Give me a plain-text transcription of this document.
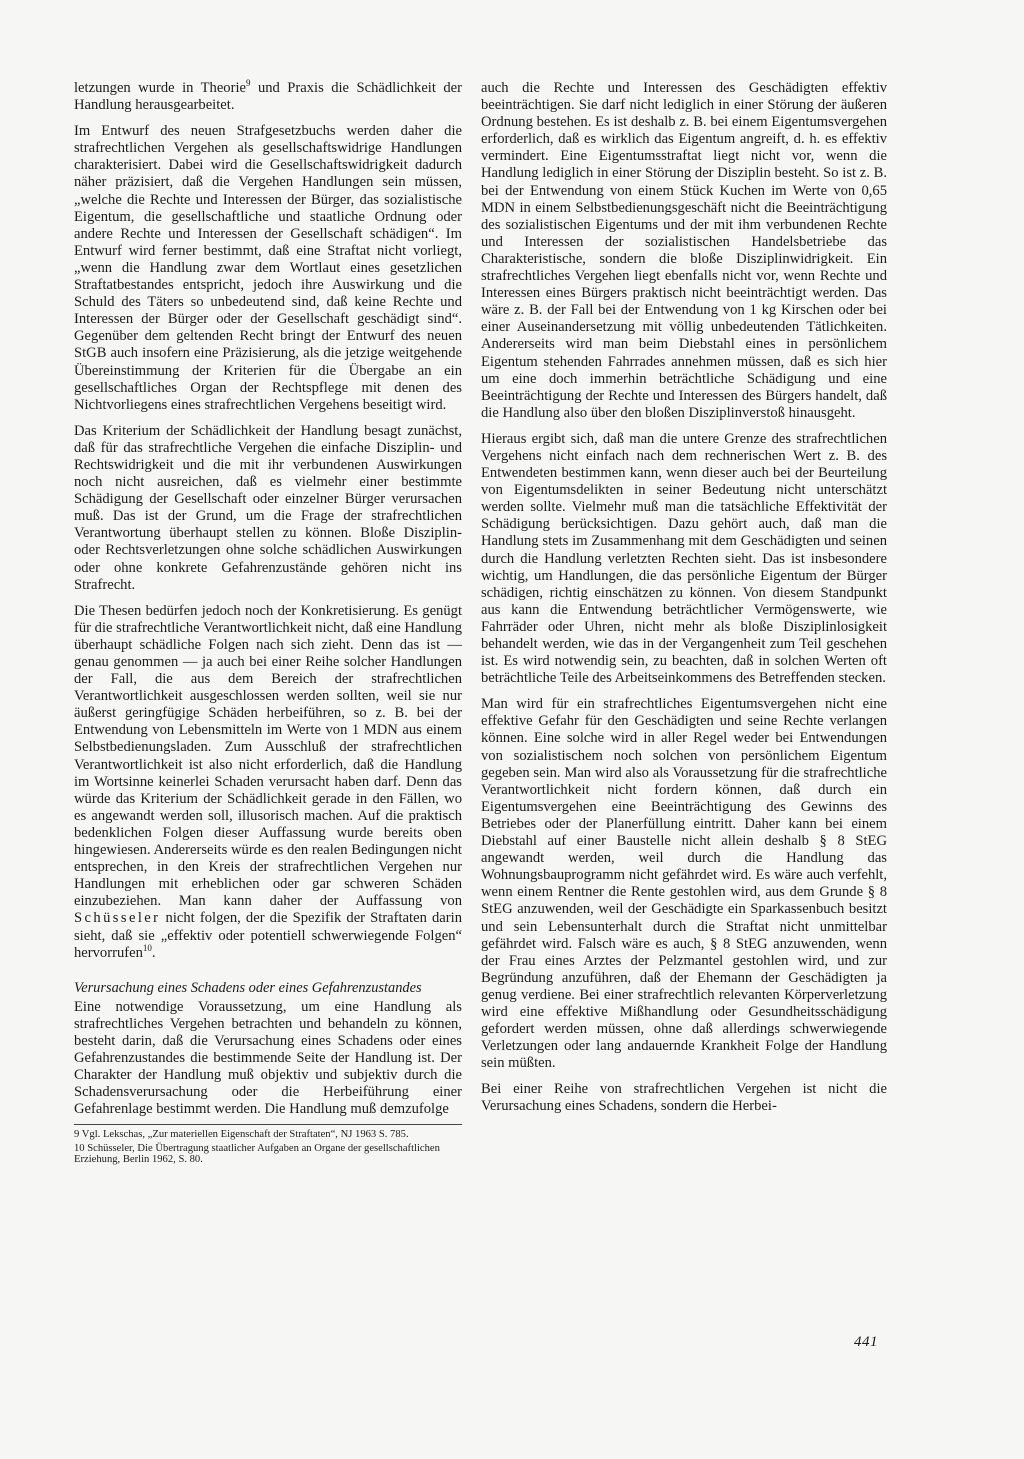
letzungen wurde in Theorie$^9$ und Praxis die Schädlichkeit der Handlung herausgearbeitet.

Im Entwurf des neuen Strafgesetzbuchs werden daher die strafrechtlichen Vergehen als gesellschaftswidrige Handlungen charakterisiert. Dabei wird die Gesellschaftswidrigkeit dadurch näher präzisiert, daß die Vergehen Handlungen sein müssen, „welche die Rechte und Interessen der Bürger, das sozialistische Eigentum, die gesellschaftliche und staatliche Ordnung oder andere Rechte und Interessen der Gesellschaft schädigen“. Im Entwurf wird ferner bestimmt, daß eine Straftat nicht vorliegt, „wenn die Handlung zwar dem Wortlaut eines gesetzlichen Straftatbestandes entspricht, jedoch ihre Auswirkung und die Schuld des Täters so unbedeutend sind, daß keine Rechte und Interessen der Bürger oder der Gesellschaft geschädigt sind“. Gegenüber dem geltenden Recht bringt der Entwurf des neuen StGB auch insofern eine Präzisierung, als die jetzige weitgehende Übereinstimmung der Kriterien für die Übergabe an ein gesellschaftliches Organ der Rechtspflege mit denen des Nichtvorliegens eines strafrechtlichen Vergehens beseitigt wird.

Das Kriterium der Schädlichkeit der Handlung besagt zunächst, daß für das strafrechtliche Vergehen die einfache Disziplin- und Rechtswidrigkeit und die mit ihr verbundenen Auswirkungen noch nicht ausreichen, daß es vielmehr einer bestimmte Schädigung der Gesellschaft oder einzelner Bürger verursachen muß. Das ist der Grund, um die Frage der strafrechtlichen Verantwortung überhaupt stellen zu können. Bloße Disziplin- oder Rechtsverletzungen ohne solche schädlichen Auswirkungen oder ohne konkrete Gefahrenzustände gehören nicht ins Strafrecht.

Die Thesen bedürfen jedoch noch der Konkretisierung. Es genügt für die strafrechtliche Verantwortlichkeit nicht, daß eine Handlung überhaupt schädliche Folgen nach sich zieht. Denn das ist — genau genommen — ja auch bei einer Reihe solcher Handlungen der Fall, die aus dem Bereich der strafrechtlichen Verantwortlichkeit ausgeschlossen werden sollten, weil sie nur äußerst geringfügige Schäden herbeiführen, so z. B. bei der Entwendung von Lebensmitteln im Werte von 1 MDN aus einem Selbstbedienungsladen. Zum Ausschluß der strafrechtlichen Verantwortlichkeit ist also nicht erforderlich, daß die Handlung im Wortsinne keinerlei Schaden verursacht haben darf. Denn das würde das Kriterium der Schädlichkeit gerade in den Fällen, wo es angewandt werden soll, illusorisch machen. Auf die praktisch bedenklichen Folgen dieser Auffassung wurde bereits oben hingewiesen. Andererseits würde es den realen Bedingungen nicht entsprechen, in den Kreis der strafrechtlichen Vergehen nur Handlungen mit erheblichen oder gar schweren Schäden einzubeziehen. Man kann daher der Auffassung von Schüsseler nicht folgen, der die Spezifik der Straftaten darin sieht, daß sie „effektiv oder potentiell schwerwiegende Folgen“ hervorrufen$^{10}$.

Verursachung eines Schadens oder eines Gefahrenzustandes

Eine notwendige Voraussetzung, um eine Handlung als strafrechtliches Vergehen betrachten und behandeln zu können, besteht darin, daß die Verursachung eines Schadens oder eines Gefahrenzustandes die bestimmende Seite der Handlung ist. Der Charakter der Handlung muß objektiv und subjektiv durch die Schadensverursachung oder die Herbeiführung einer Gefahrenlage bestimmt werden. Die Handlung muß demzufolge

9 Vgl. Lekschas, „Zur materiellen Eigenschaft der Straftaten“, NJ 1963 S. 785.

10 Schüsseler, Die Übertragung staatlicher Aufgaben an Organe der gesellschaftlichen Erziehung, Berlin 1962, S. 80.

auch die Rechte und Interessen des Geschädigten effektiv beeinträchtigen. Sie darf nicht lediglich in einer Störung der äußeren Ordnung bestehen. Es ist deshalb z. B. bei einem Eigentumsvergehen erforderlich, daß es wirklich das Eigentum angreift, d. h. es effektiv vermindert. Eine Eigentumsstraftat liegt nicht vor, wenn die Handlung lediglich in einer Störung der Disziplin besteht. So ist z. B. bei der Entwendung von einem Stück Kuchen im Werte von 0,65 MDN in einem Selbstbedienungsgeschäft nicht die Beeinträchtigung des sozialistischen Eigentums und der mit ihm verbundenen Rechte und Interessen der sozialistischen Handelsbetriebe das Charakteristische, sondern die bloße Disziplinwidrigkeit. Ein strafrechtliches Vergehen liegt ebenfalls nicht vor, wenn Rechte und Interessen eines Bürgers praktisch nicht beeinträchtigt werden. Das wäre z. B. der Fall bei der Entwendung von 1 kg Kirschen oder bei einer Auseinandersetzung mit völlig unbedeutenden Tätlichkeiten. Andererseits wird man beim Diebstahl eines in persönlichem Eigentum stehenden Fahrrades annehmen müssen, daß es sich hier um eine doch immerhin beträchtliche Schädigung und eine Beeinträchtigung der Rechte und Interessen des Bürgers handelt, daß die Handlung also über den bloßen Disziplinverstoß hinausgeht.

Hieraus ergibt sich, daß man die untere Grenze des strafrechtlichen Vergehens nicht einfach nach dem rechnerischen Wert z. B. des Entwendeten bestimmen kann, wenn dieser auch bei der Beurteilung von Eigentumsdelikten in seiner Bedeutung nicht unterschätzt werden sollte. Vielmehr muß man die tatsächliche Effektivität der Schädigung berücksichtigen. Dazu gehört auch, daß man die Handlung stets im Zusammenhang mit dem Geschädigten und seinen durch die Handlung verletzten Rechten sieht. Das ist insbesondere wichtig, um Handlungen, die das persönliche Eigentum der Bürger schädigen, richtig einschätzen zu können. Von diesem Standpunkt aus kann die Entwendung beträchtlicher Vermögenswerte, wie Fahrräder oder Uhren, nicht mehr als bloße Disziplinlosigkeit behandelt werden, wie das in der Vergangenheit zum Teil geschehen ist. Es wird notwendig sein, zu beachten, daß in solchen Werten oft beträchtliche Teile des Arbeitseinkommens des Betreffenden stecken.

Man wird für ein strafrechtliches Eigentumsvergehen nicht eine effektive Gefahr für den Geschädigten und seine Rechte verlangen können. Eine solche wird in aller Regel weder bei Entwendungen von sozialistischem noch solchen von persönlichem Eigentum gegeben sein. Man wird also als Voraussetzung für die strafrechtliche Verantwortlichkeit nicht fordern können, daß durch ein Eigentumsvergehen eine Beeinträchtigung des Gewinns des Betriebes oder der Planerfüllung eintritt. Daher kann bei einem Diebstahl auf einer Baustelle nicht allein deshalb § 8 StEG angewandt werden, weil durch die Handlung das Wohnungsbauprogramm nicht gefährdet wird. Es wäre auch verfehlt, wenn einem Rentner die Rente gestohlen wird, aus dem Grunde § 8 StEG anzuwenden, weil der Geschädigte ein Sparkassenbuch besitzt und sein Lebensunterhalt durch die Straftat nicht unmittelbar gefährdet wird. Falsch wäre es auch, § 8 StEG anzuwenden, wenn der Frau eines Arztes der Pelzmantel gestohlen wird, und zur Begründung anzuführen, daß der Ehemann der Geschädigten ja genug verdiene. Bei einer strafrechtlich relevanten Körperverletzung wird eine effektive Mißhandlung oder Gesundheitsschädigung gefordert werden müssen, ohne daß allerdings schwerwiegende Verletzungen oder lang andauernde Krankheit Folge der Handlung sein müßten.

Bei einer Reihe von strafrechtlichen Vergehen ist nicht die Verursachung eines Schadens, sondern die Herbei-

441
